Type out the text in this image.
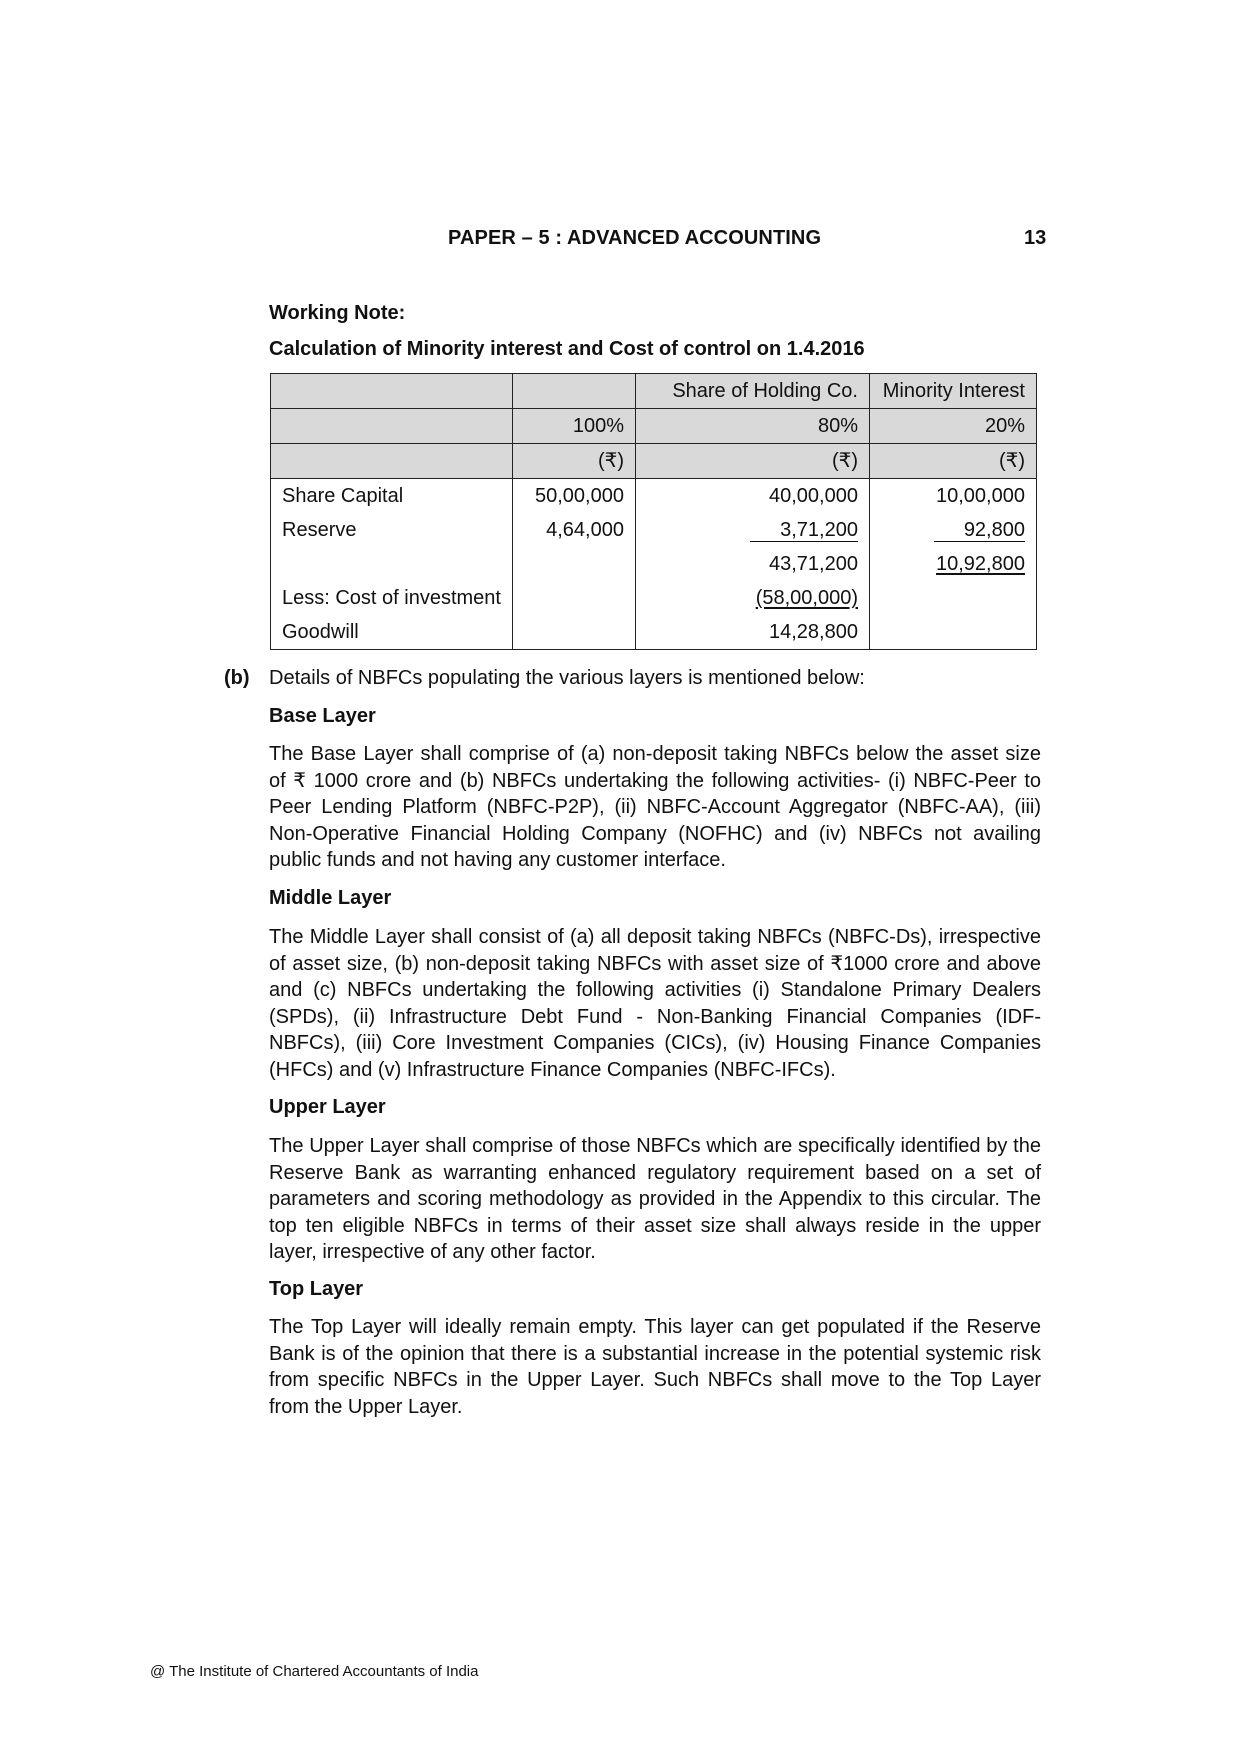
PAPER – 5 : ADVANCED ACCOUNTING	13
Working Note:
Calculation of Minority interest and Cost of control on 1.4.2016
		Share of Holding Co.	Minority Interest
	100%	80%	20%
	(₹)	(₹)	(₹)
Share Capital	50,00,000	40,00,000	10,00,000
Reserve	4,64,000	3,71,200	92,800
		43,71,200	10,92,800
Less: Cost of investment		(58,00,000)	
Goodwill		14,28,800	
(b) Details of NBFCs populating the various layers is mentioned below:
Base Layer
The Base Layer shall comprise of (a) non-deposit taking NBFCs below the asset size of ₹ 1000 crore and (b) NBFCs undertaking the following activities- (i) NBFC-Peer to Peer Lending Platform (NBFC-P2P), (ii) NBFC-Account Aggregator (NBFC-AA), (iii) Non-Operative Financial Holding Company (NOFHC) and (iv) NBFCs not availing public funds and not having any customer interface.
Middle Layer
The Middle Layer shall consist of (a) all deposit taking NBFCs (NBFC-Ds), irrespective of asset size, (b) non-deposit taking NBFCs with asset size of ₹1000 crore and above and (c) NBFCs undertaking the following activities (i) Standalone Primary Dealers (SPDs), (ii) Infrastructure Debt Fund - Non-Banking Financial Companies (IDF-NBFCs), (iii) Core Investment Companies (CICs), (iv) Housing Finance Companies (HFCs) and (v) Infrastructure Finance Companies (NBFC-IFCs).
Upper Layer
The Upper Layer shall comprise of those NBFCs which are specifically identified by the Reserve Bank as warranting enhanced regulatory requirement based on a set of parameters and scoring methodology as provided in the Appendix to this circular. The top ten eligible NBFCs in terms of their asset size shall always reside in the upper layer, irrespective of any other factor.
Top Layer
The Top Layer will ideally remain empty. This layer can get populated if the Reserve Bank is of the opinion that there is a substantial increase in the potential systemic risk from specific NBFCs in the Upper Layer. Such NBFCs shall move to the Top Layer from the Upper Layer.
@ The Institute of Chartered Accountants of India
